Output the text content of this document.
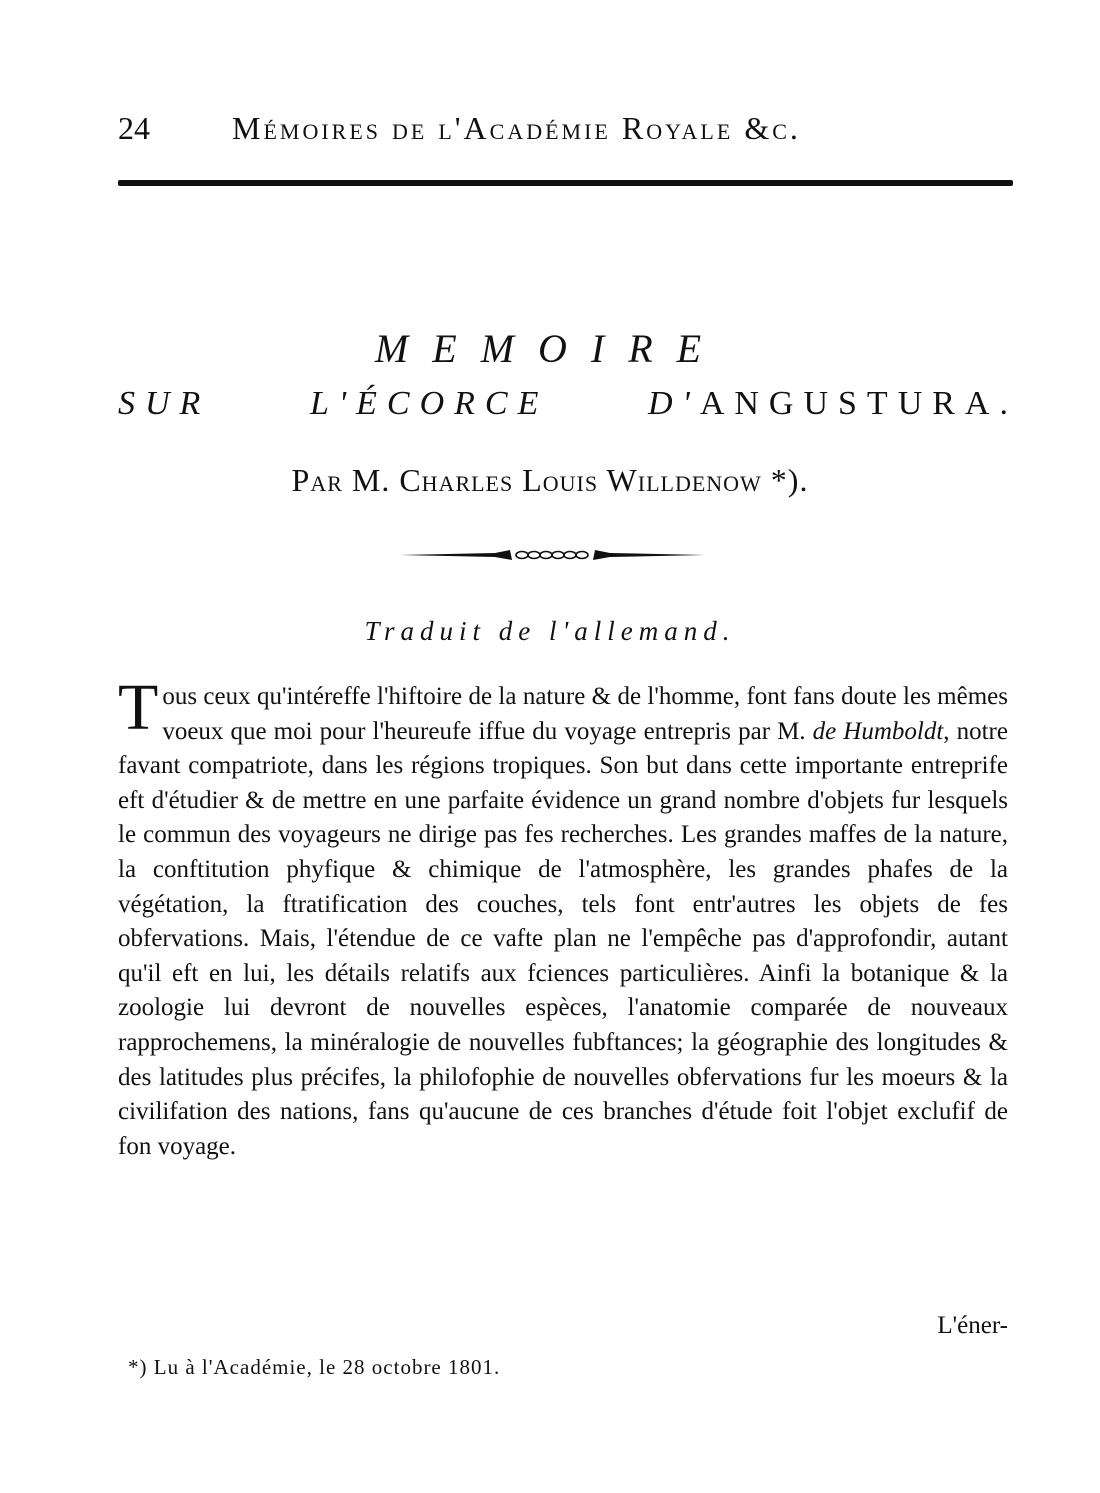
24	Mémoires de l'Académie Royale &c.
MEMOIRE
SUR L'ÉCORCE D'ANGUSTURA.
Par M. Charles Louis Willdenow *).
Traduit de l'allemand.

Tous ceux qu'intéreffe l'hiftoire de la nature & de l'homme, font fans doute les mêmes voeux que moi pour l'heureufe iffue du voyage entrepris par M. de Humboldt, notre favant compatriote, dans les régions tropiques. Son but dans cette importante entreprife eft d'étudier & de mettre en une parfaite évidence un grand nombre d'objets fur lesquels le commun des voyageurs ne dirige pas fes recherches. Les grandes maffes de la nature, la conftitution phyfique & chimique de l'atmosphère, les grandes phafes de la végétation, la ftratification des couches, tels font entr'autres les objets de fes obfervations. Mais, l'étendue de ce vafte plan ne l'empêche pas d'approfondir, autant qu'il eft en lui, les détails relatifs aux fciences particulières. Ainfi la botanique & la zoologie lui devront de nouvelles espèces, l'anatomie comparée de nouveaux rapprochemens, la minéralogie de nouvelles fubftances; la géographie des longitudes & des latitudes plus précifes, la philofophie de nouvelles obfervations fur les moeurs & la civilifation des nations, fans qu'aucune de ces branches d'étude foit l'objet exclufif de fon voyage.

L'éner-
*) Lu à l'Académie, le 28 octobre 1801.
